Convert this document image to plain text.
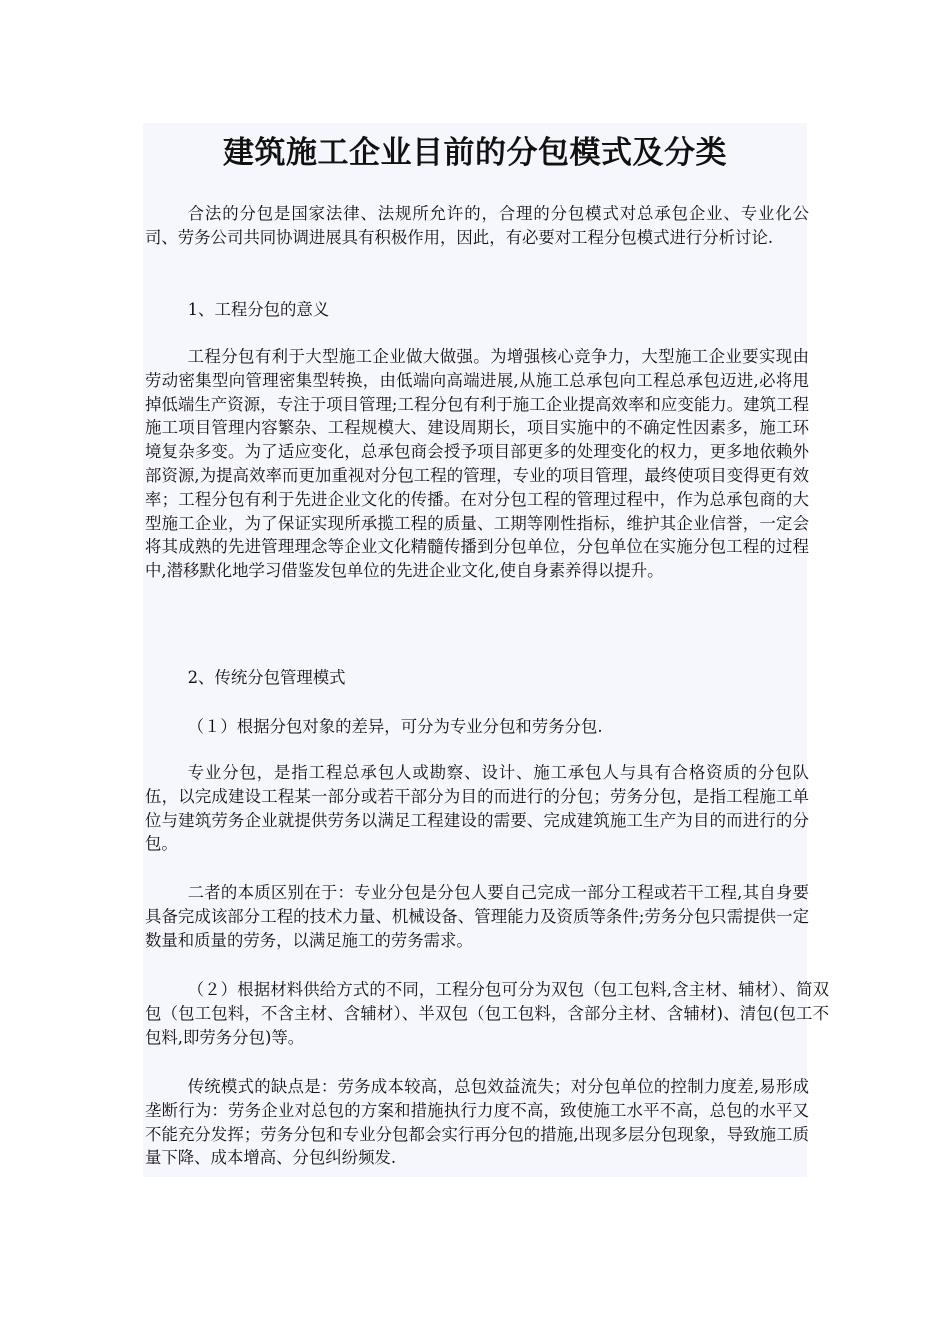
建筑施工企业目前的分包模式及分类

合法的分包是国家法律、法规所允许的，合理的分包模式对总承包企业、专业化公司、劳务公司共同协调进展具有积极作用，因此，有必要对工程分包模式进行分析讨论.

1、工程分包的意义

工程分包有利于大型施工企业做大做强。为增强核心竞争力，大型施工企业要实现由劳动密集型向管理密集型转换，由低端向高端进展,从施工总承包向工程总承包迈进,必将甩掉低端生产资源，专注于项目管理;工程分包有利于施工企业提高效率和应变能力。建筑工程施工项目管理内容繁杂、工程规模大、建设周期长，项目实施中的不确定性因素多，施工环境复杂多变。为了适应变化，总承包商会授予项目部更多的处理变化的权力，更多地依赖外部资源,为提高效率而更加重视对分包工程的管理，专业的项目管理，最终使项目变得更有效率；工程分包有利于先进企业文化的传播。在对分包工程的管理过程中，作为总承包商的大型施工企业，为了保证实现所承揽工程的质量、工期等刚性指标，维护其企业信誉，一定会将其成熟的先进管理理念等企业文化精髓传播到分包单位，分包单位在实施分包工程的过程中,潜移默化地学习借鉴发包单位的先进企业文化,使自身素养得以提升。

2、传统分包管理模式

（１）根据分包对象的差异，可分为专业分包和劳务分包.

专业分包，是指工程总承包人或勘察、设计、施工承包人与具有合格资质的分包队伍，以完成建设工程某一部分或若干部分为目的而进行的分包；劳务分包，是指工程施工单位与建筑劳务企业就提供劳务以满足工程建设的需要、完成建筑施工生产为目的而进行的分包。

二者的本质区别在于：专业分包是分包人要自己完成一部分工程或若干工程,其自身要具备完成该部分工程的技术力量、机械设备、管理能力及资质等条件;劳务分包只需提供一定数量和质量的劳务，以满足施工的劳务需求。

（２）根据材料供给方式的不同，工程分包可分为双包（包工包料,含主材、辅材）、简双包（包工包料，不含主材、含辅材）、半双包（包工包料，含部分主材、含辅材)、清包(包工不包料,即劳务分包)等。

传统模式的缺点是：劳务成本较高，总包效益流失；对分包单位的控制力度差,易形成垄断行为：劳务企业对总包的方案和措施执行力度不高，致使施工水平不高，总包的水平又不能充分发挥；劳务分包和专业分包都会实行再分包的措施,出现多层分包现象，导致施工质量下降、成本增高、分包纠纷频发.
